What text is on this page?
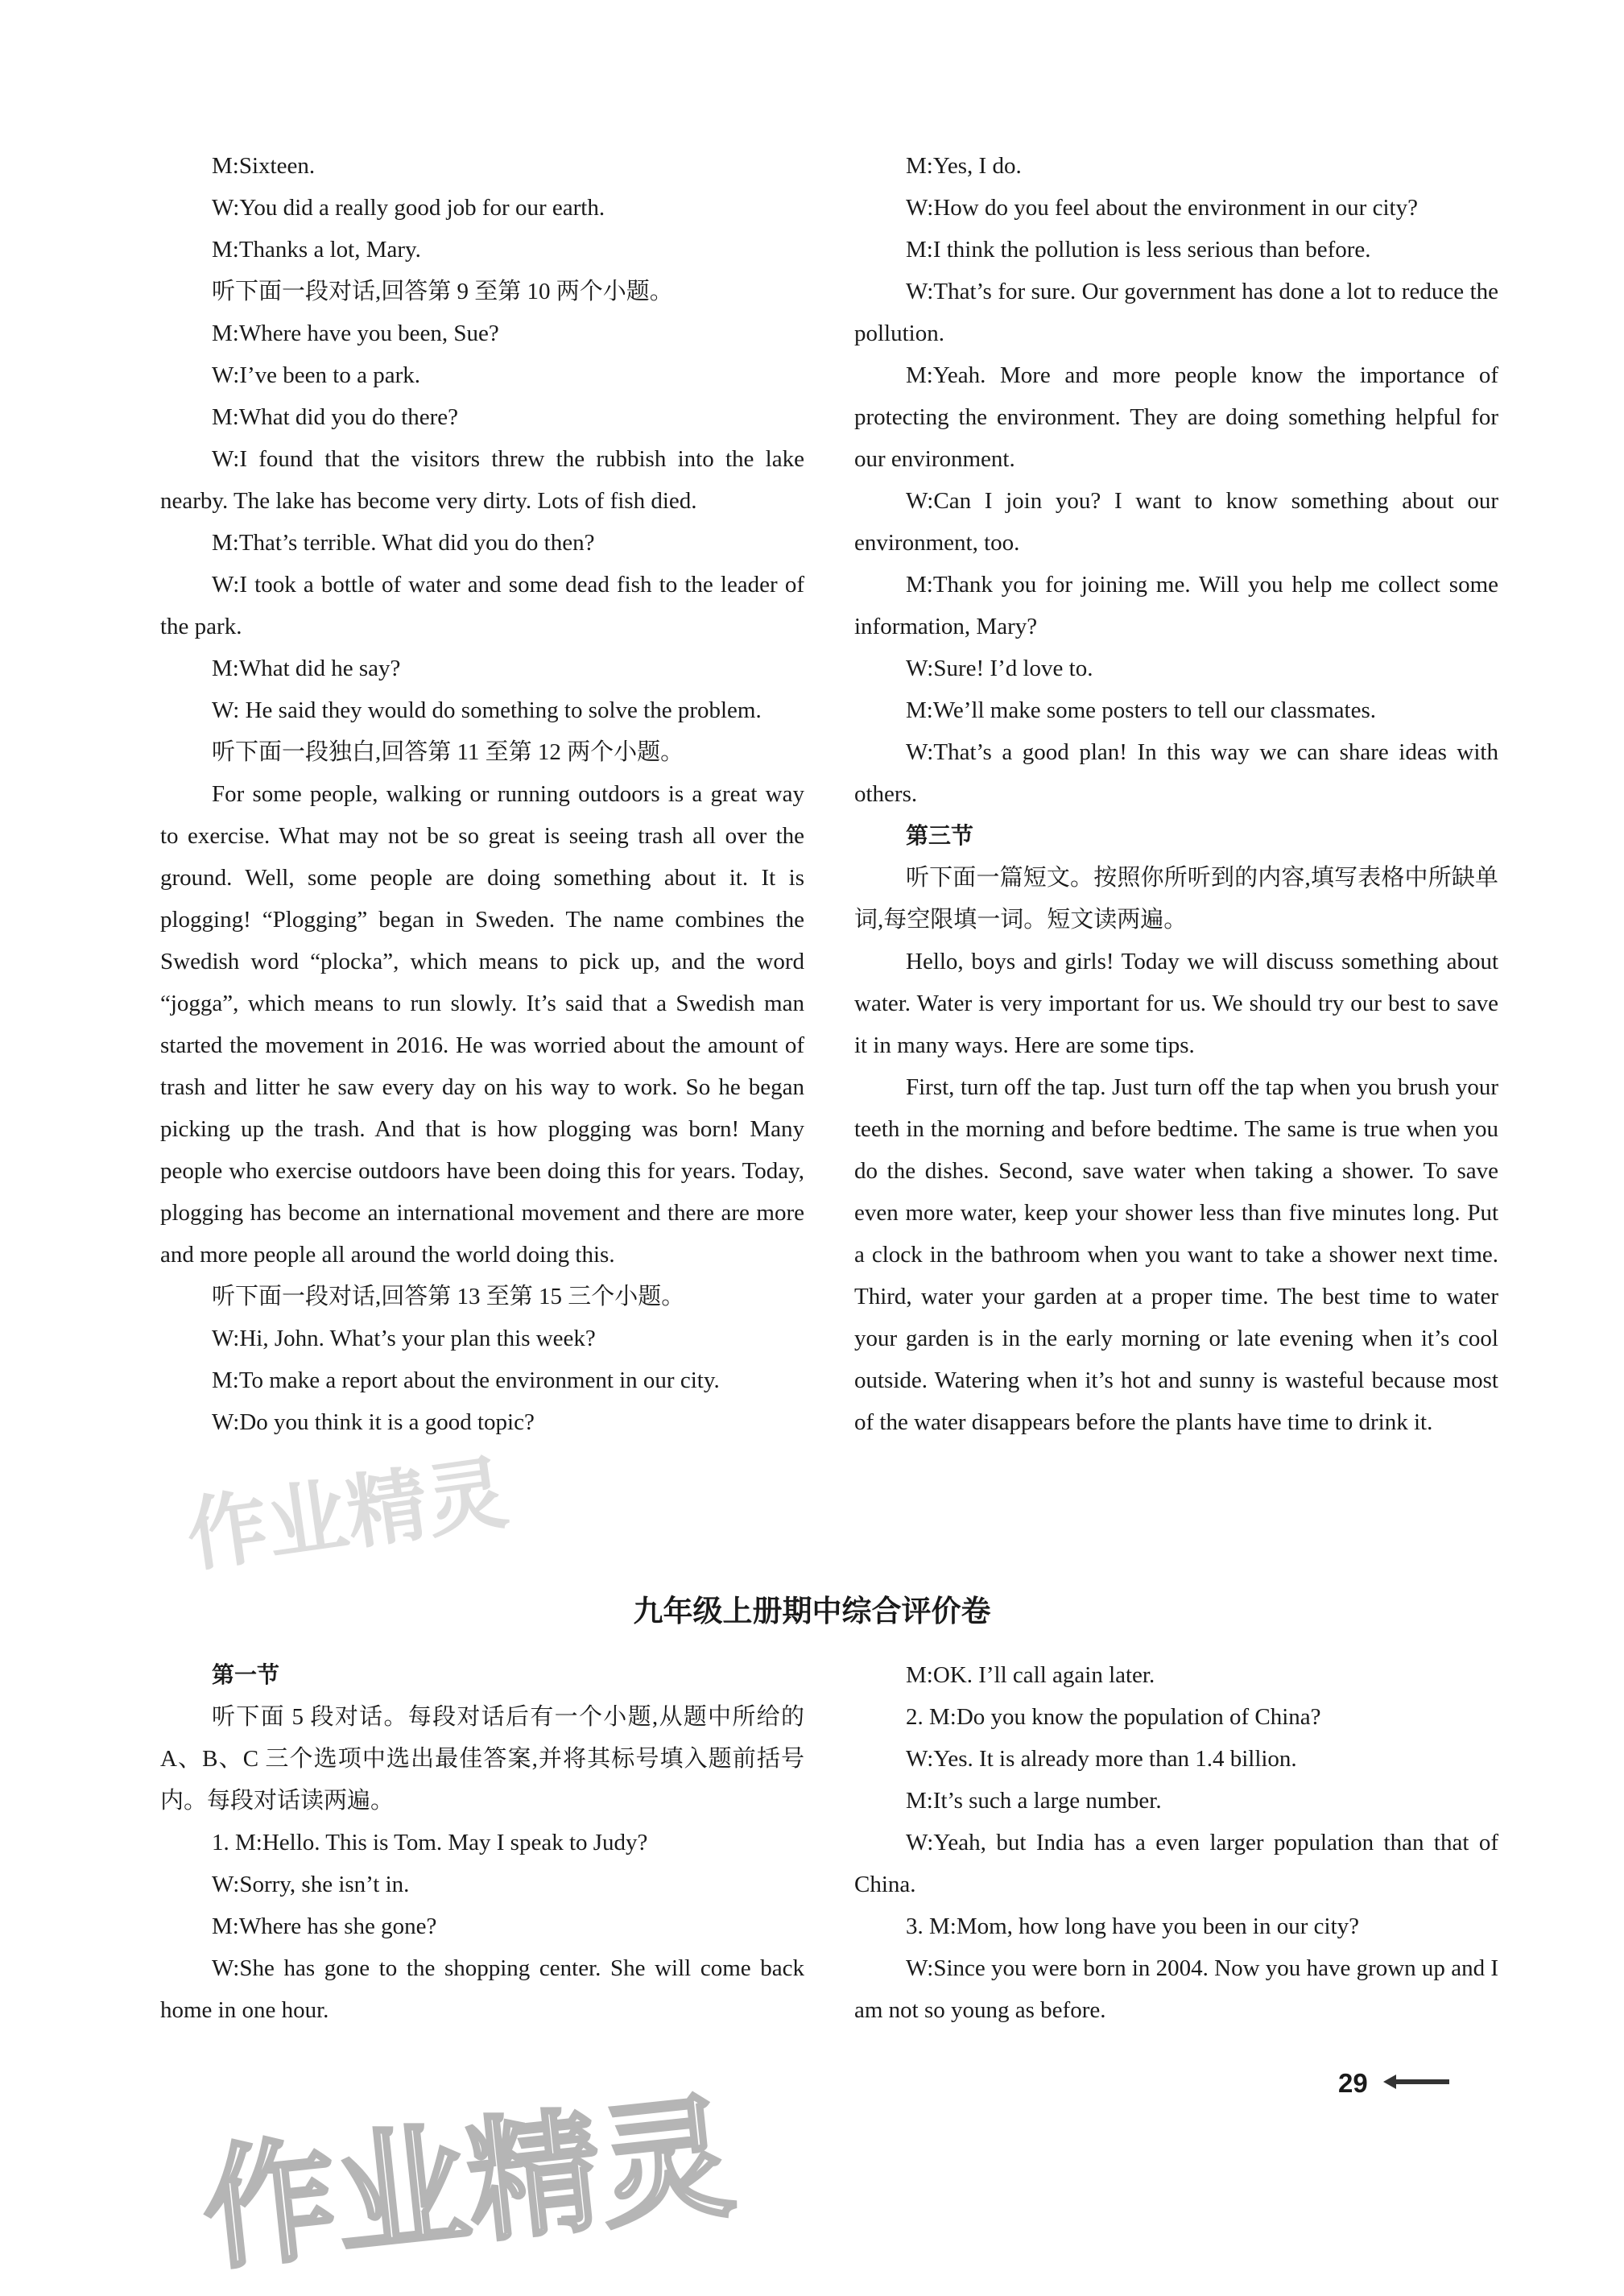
M:Sixteen.

W:You did a really good job for our earth.

M:Thanks a lot, Mary.

听下面一段对话,回答第 9 至第 10 两个小题。

M:Where have you been, Sue?

W:I’ve been to a park.

M:What did you do there?

W:I found that the visitors threw the rubbish into the lake nearby. The lake has become very dirty. Lots of fish died.

M:That’s terrible. What did you do then?

W:I took a bottle of water and some dead fish to the leader of the park.

M:What did he say?

W: He said they would do something to solve the problem.

听下面一段独白,回答第 11 至第 12 两个小题。

For some people, walking or running outdoors is a great way to exercise. What may not be so great is seeing trash all over the ground. Well, some people are doing something about it. It is plogging! “Plogging” began in Sweden. The name combines the Swedish word “plocka”, which means to pick up, and the word “jogga”, which means to run slowly. It’s said that a Swedish man started the movement in 2016. He was worried about the amount of trash and litter he saw every day on his way to work. So he began picking up the trash. And that is how plogging was born! Many people who exercise outdoors have been doing this for years. Today, plogging has become an international movement and there are more and more people all around the world doing this.

听下面一段对话,回答第 13 至第 15 三个小题。

W:Hi, John. What’s your plan this week?

M:To make a report about the environment in our city.

W:Do you think it is a good topic?

M:Yes, I do.

W:How do you feel about the environment in our city?

M:I think the pollution is less serious than before.

W:That’s for sure. Our government has done a lot to reduce the pollution.

M:Yeah. More and more people know the importance of protecting the environment. They are doing something helpful for our environment.

W:Can I join you? I want to know something about our environment, too.

M:Thank you for joining me. Will you help me collect some information, Mary?

W:Sure! I’d love to.

M:We’ll make some posters to tell our classmates.

W:That’s a good plan! In this way we can share ideas with others.

第三节

听下面一篇短文。按照你所听到的内容,填写表格中所缺单词,每空限填一词。短文读两遍。

Hello, boys and girls! Today we will discuss something about water. Water is very important for us. We should try our best to save it in many ways. Here are some tips.

First, turn off the tap. Just turn off the tap when you brush your teeth in the morning and before bedtime. The same is true when you do the dishes. Second, save water when taking a shower. To save even more water, keep your shower less than five minutes long. Put a clock in the bathroom when you want to take a shower next time. Third, water your garden at a proper time. The best time to water your garden is in the early morning or late evening when it’s cool outside. Watering when it’s hot and sunny is wasteful because most of the water disappears before the plants have time to drink it.

九年级上册期中综合评价卷

第一节

听下面 5 段对话。每段对话后有一个小题,从题中所给的 A、B、C 三个选项中选出最佳答案,并将其标号填入题前括号内。每段对话读两遍。

1. M:Hello. This is Tom. May I speak to Judy?

W:Sorry, she isn’t in.

M:Where has she gone?

W:She has gone to the shopping center. She will come back home in one hour.

M:OK. I’ll call again later.

2. M:Do you know the population of China?

W:Yes. It is already more than 1.4 billion.

M:It’s such a large number.

W:Yeah, but India has a even larger population than that of China.

3. M:Mom, how long have you been in our city?

W:Since you were born in 2004. Now you have grown up and I am not so young as before.

29
作业精灵
作业精灵
